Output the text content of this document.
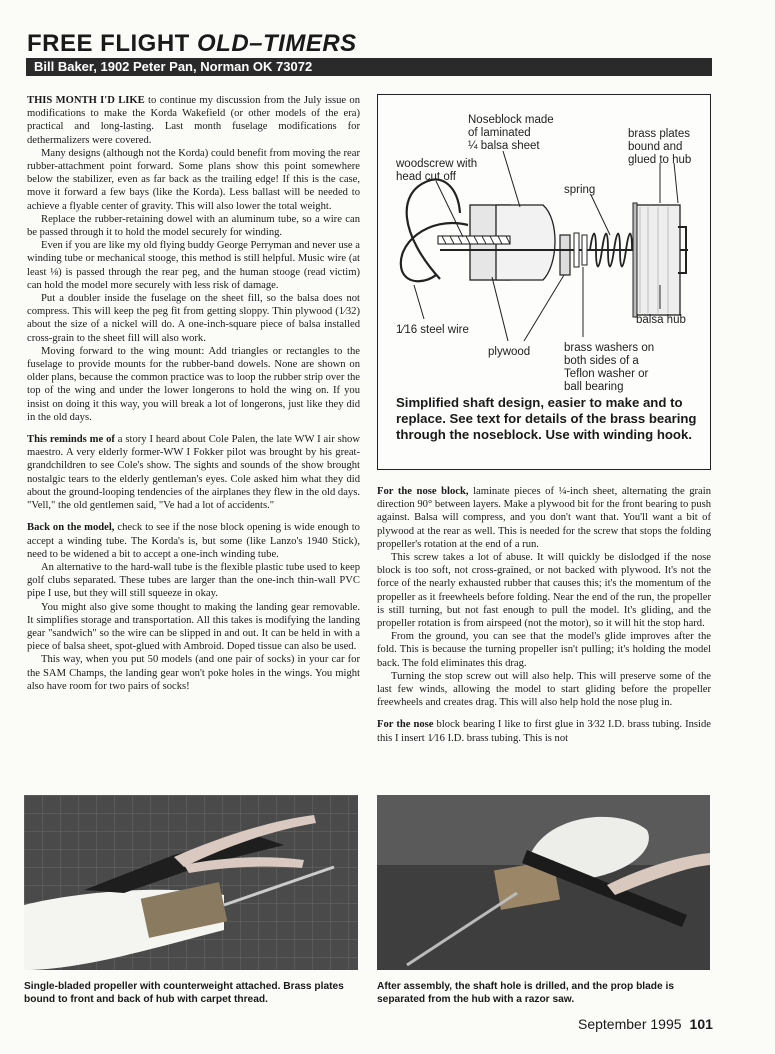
FREE FLIGHT OLD–TIMERS
Bill Baker, 1902 Peter Pan, Norman OK 73072

THIS MONTH I'D LIKE to continue my discussion from the July issue on modifications to make the Korda Wakefield (or other models of the era) practical and long-lasting. Last month fuselage modifications for dethermalizers were covered.

Many designs (although not the Korda) could benefit from moving the rear rubber-attachment point forward. Some plans show this point somewhere below the stabilizer, even as far back as the trailing edge! If this is the case, move it forward a few bays (like the Korda). Less ballast will be needed to achieve a flyable center of gravity. This will also lower the total weight.

Replace the rubber-retaining dowel with an aluminum tube, so a wire can be passed through it to hold the model securely for winding.

Even if you are like my old flying buddy George Perryman and never use a winding tube or mechanical stooge, this method is still helpful. Music wire (at least ⅛) is passed through the rear peg, and the human stooge (read victim) can hold the model more securely with less risk of damage.

Put a doubler inside the fuselage on the sheet fill, so the balsa does not compress. This will keep the peg fit from getting sloppy. Thin plywood (1⁄32) about the size of a nickel will do. A one-inch-square piece of balsa installed cross-grain to the sheet fill will also work.

Moving forward to the wing mount: Add triangles or rectangles to the fuselage to provide mounts for the rubber-band dowels. None are shown on older plans, because the common practice was to loop the rubber strip over the top of the wing and under the lower longerons to hold the wing on. If you insist on doing it this way, you will break a lot of longerons, just like they did in the old days.

This reminds me of a story I heard about Cole Palen, the late WW I air show maestro. A very elderly former-WW I Fokker pilot was brought by his great-grandchildren to see Cole's show. The sights and sounds of the show brought nostalgic tears to the elderly gentleman's eyes. Cole asked him what they did about the ground-looping tendencies of the airplanes they flew in the old days. "Vell," the old gentlemen said, "Ve had a lot of accidents."

Back on the model, check to see if the nose block opening is wide enough to accept a winding tube. The Korda's is, but some (like Lanzo's 1940 Stick), need to be widened a bit to accept a one-inch winding tube.

An alternative to the hard-wall tube is the flexible plastic tube used to keep golf clubs separated. These tubes are larger than the one-inch thin-wall PVC pipe I use, but they will still squeeze in okay.

You might also give some thought to making the landing gear removable. It simplifies storage and transportation. All this takes is modifying the landing gear "sandwich" so the wire can be slipped in and out. It can be held in with a piece of balsa sheet, spot-glued with Ambroid. Doped tissue can also be used.

This way, when you put 50 models (and one pair of socks) in your car for the SAM Champs, the landing gear won't poke holes in the wings. You might also have room for two pairs of socks!

Noseblock made
of laminated
¼ balsa sheet
brass plates
bound and
glued to hub
woodscrew with
head cut off
spring
1⁄16 steel wire
balsa hub
plywood	brass washers on
both sides of a
Teflon washer or
ball bearing
Simplified shaft design, easier to make and to replace. See text for details of the brass bearing through the noseblock. Use with winding hook.

For the nose block, laminate pieces of ¼-inch sheet, alternating the grain direction 90° between layers. Make a plywood bit for the front bearing to push against. Balsa will compress, and you don't want that. You'll want a bit of plywood at the rear as well. This is needed for the screw that stops the folding propeller's rotation at the end of a run.

This screw takes a lot of abuse. It will quickly be dislodged if the nose block is too soft, not cross-grained, or not backed with plywood. It's not the force of the nearly exhausted rubber that causes this; it's the momentum of the propeller as it freewheels before folding. Near the end of the run, the propeller is still turning, but not fast enough to pull the model. It's gliding, and the propeller rotation is from airspeed (not the motor), so it will hit the stop hard.

From the ground, you can see that the model's glide improves after the fold. This is because the turning propeller isn't pulling; it's holding the model back. The fold eliminates this drag.

Turning the stop screw out will also help. This will preserve some of the last few winds, allowing the model to start gliding before the propeller freewheels and creates drag. This will also help hold the nose plug in.

For the nose block bearing I like to first glue in 3⁄32 I.D. brass tubing. Inside this I insert 1⁄16 I.D. brass tubing. This is not

Single-bladed propeller with counterweight attached. Brass plates bound to front and back of hub with carpet thread.
After assembly, the shaft hole is drilled, and the prop blade is separated from the hub with a razor saw.
September 1995 101
